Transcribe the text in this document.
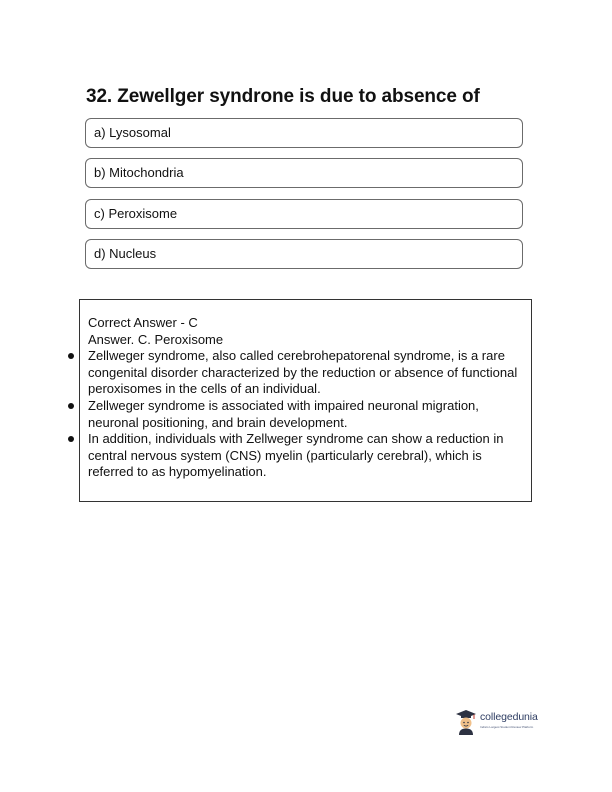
32. Zewellger syndrone is due to absence of
a) Lysosomal
b) Mitochondria
c) Peroxisome
d) Nucleus

Correct Answer - C

Answer. C. Peroxisome

Zellweger syndrome, also called cerebrohepatorenal syndrome, is a rare congenital disorder characterized by the reduction or absence of functional peroxisomes in the cells of an individual.
Zellweger syndrome is associated with impaired neuronal migration, neuronal positioning, and brain development.
In addition, individuals with Zellweger syndrome can show a reduction in central nervous system (CNS) myelin (particularly cerebral), which is referred to as hypomyelination.
collegedunia
India's Largest Student Review Platform
